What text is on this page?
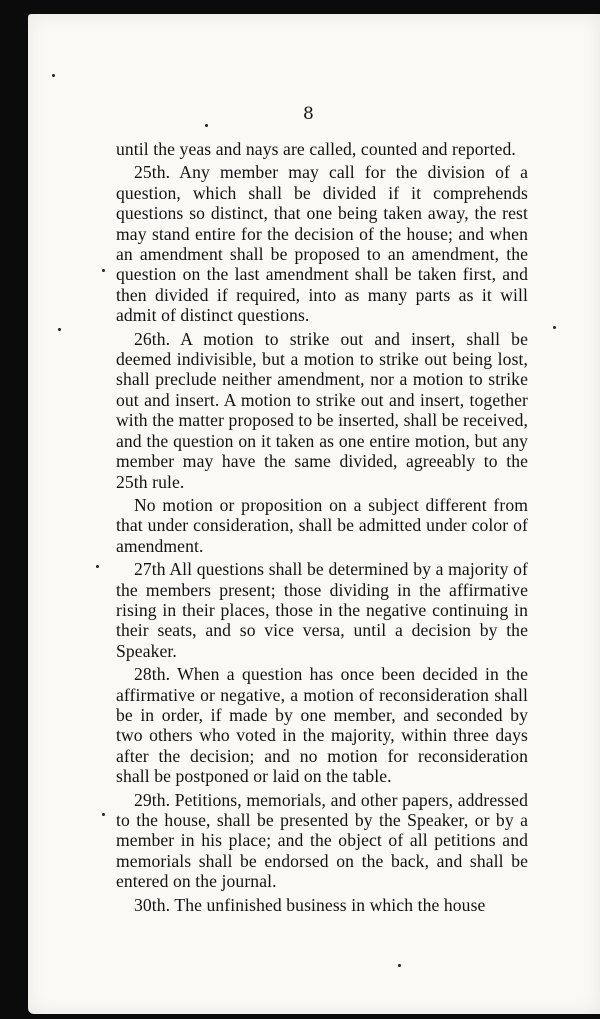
8

until the yeas and nays are called, counted and reported.

25th. Any member may call for the division of a question, which shall be divided if it comprehends questions so distinct, that one being taken away, the rest may stand entire for the decision of the house; and when an amendment shall be proposed to an amendment, the question on the last amendment shall be taken first, and then divided if required, into as many parts as it will admit of distinct questions.

26th. A motion to strike out and insert, shall be deemed indivisible, but a motion to strike out being lost, shall preclude neither amendment, nor a motion to strike out and insert. A motion to strike out and insert, together with the matter proposed to be inserted, shall be received, and the question on it taken as one entire motion, but any member may have the same divided, agreeably to the 25th rule.

No motion or proposition on a subject different from that under consideration, shall be admitted under color of amendment.

27th All questions shall be determined by a majority of the members present; those dividing in the affirmative rising in their places, those in the negative continuing in their seats, and so vice versa, until a decision by the Speaker.

28th. When a question has once been decided in the affirmative or negative, a motion of reconsideration shall be in order, if made by one member, and seconded by two others who voted in the majority, within three days after the decision; and no motion for reconsideration shall be postponed or laid on the table.

29th. Petitions, memorials, and other papers, addressed to the house, shall be presented by the Speaker, or by a member in his place; and the object of all petitions and memorials shall be endorsed on the back, and shall be entered on the journal.

30th. The unfinished business in which the house
